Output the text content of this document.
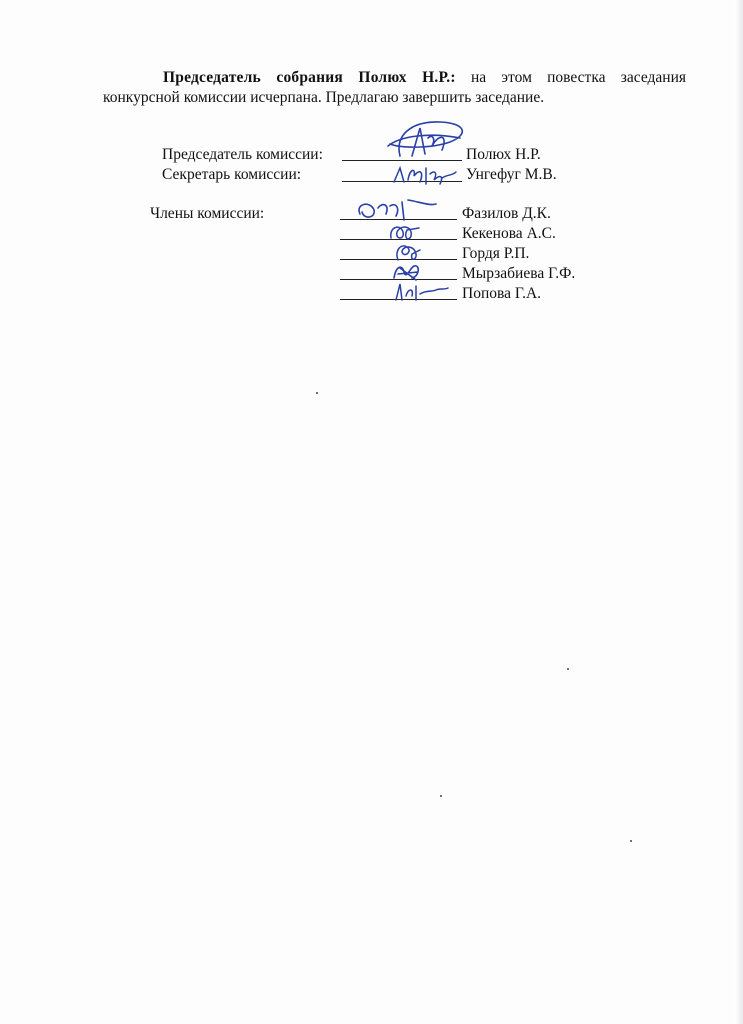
Председатель собрания Полюх Н.Р.: на этом повестка заседания конкурсной комиссии исчерпана. Предлагаю завершить заседание.
Председатель комиссии:	Полюх Н.Р.
Секретарь комиссии:	Унгефуг М.В.
Члены комиссии:	Фазилов Д.К.
Кекенова А.С.
Гордя Р.П.
Мырзабиева Г.Ф.
Попова Г.А.
